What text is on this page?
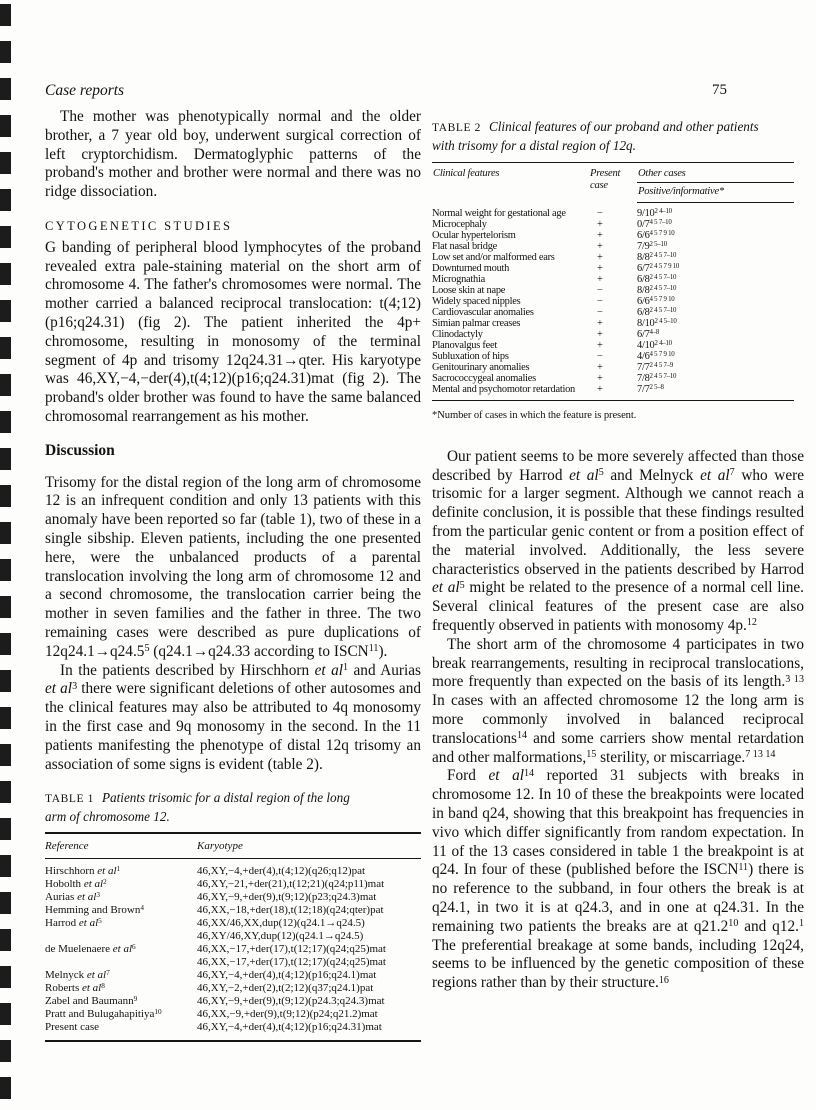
Case reports	75

The mother was phenotypically normal and the older brother, a 7 year old boy, underwent surgical correction of left cryptorchidism. Dermatoglyphic patterns of the proband's mother and brother were normal and there was no ridge dissociation.

CYTOGENETIC STUDIES

G banding of peripheral blood lymphocytes of the proband revealed extra pale-staining material on the short arm of chromosome 4. The father's chromosomes were normal. The mother carried a balanced reciprocal translocation: t(4;12) (p16;q24.31) (fig 2). The patient inherited the 4p+ chromosome, resulting in monosomy of the terminal segment of 4p and trisomy 12q24.31→qter. His karyotype was 46,XY,−4,−der(4),t(4;12)(p16;q24.31)mat (fig 2). The proband's older brother was found to have the same balanced chromosomal rearrangement as his mother.

Discussion

Trisomy for the distal region of the long arm of chromosome 12 is an infrequent condition and only 13 patients with this anomaly have been reported so far (table 1), two of these in a single sibship. Eleven patients, including the one presented here, were the unbalanced products of a parental translocation involving the long arm of chromosome 12 and a second chromosome, the translocation carrier being the mother in seven families and the father in three. The two remaining cases were described as pure duplications of $12q24.1\to q24.5^5$ (q24.1→q24.33 according to ISCN$^{11}$).

In the patients described by Hirschhorn et $al^1$ and Aurias et $al^3$ there were significant deletions of other autosomes and the clinical features may also be attributed to 4q monosomy in the first case and 9q monosomy in the second. In the 11 patients manifesting the phenotype of distal 12q trisomy an association of some signs is evident (table 2).

TABLE 1 Patients trisomic for a distal region of the long arm of chromosome 12.
Reference	Karyotype
Hirschhorn et $al^1$	46,XY,−4,+der(4),t(4;12)(q26;q12)pat
Hobolth et $al^2$	46,XY,−21,+der(21),t(12;21)(q24;p11)mat
Aurias et $al^3$	46,XY,−9,+der(9),t(9;12)(p23;q24.3)mat
Hemming and Brown$^4$	46,XX,−18,+der(18),t(12;18)(q24;qter)pat
Harrod et $al^5$	46,XX/46,XX,dup(12)(q24.1→q24.5)
46,XY/46,XY,dup(12)(q24.1→q24.5)
de Muelenaere et $al^6$	46,XX,−17,+der(17),t(12;17)(q24;q25)mat
46,XX,−17,+der(17),t(12;17)(q24;q25)mat
Melnyck et $al^7$	46,XY,−4,+der(4),t(4;12)(p16;q24.1)mat
Roberts et $al^8$	46,XY,−2,+der(2),t(2;12)(q37;q24.1)pat
Zabel and Baumann$^9$	46,XY,−9,+der(9),t(9;12)(p24.3;q24.3)mat
Pratt and Bulugahapitiya$^{10}$	46,XX,−9,+der(9),t(9;12)(p24;q21.2)mat
Present case	46,XY,−4,+der(4),t(4;12)(p16;q24.31)mat
TABLE 2 Clinical features of our proband and other patients with trisomy for a distal region of 12q.
Clinical features	Present case	Other cases
		Positive/informative*
Normal weight for gestational age	−	$9/10^{2 4-10}$
Microcephaly	+	$0/7^{4 5 7-10}$
Ocular hypertelorism	+	$6/6^{4 5 7 9 10}$
Flat nasal bridge	+	$7/9^{2 5-10}$
Low set and/or malformed ears	+	$8/8^{2 4 5 7-10}$
Downturned mouth	+	$6/7^{2 4 5 7 9 10}$
Micrognathia	+	$6/8^{2 4 5 7-10}$
Loose skin at nape	−	$8/8^{2 4 5 7-10}$
Widely spaced nipples	−	$6/6^{4 5 7 9 10}$
Cardiovascular anomalies	−	$6/8^{2 4 5 7-10}$
Simian palmar creases	+	$8/10^{2 4 5-10}$
Clinodactyly	+	$6/7^{4-8}$
Planovalgus feet	+	$4/10^{2 4-10}$
Subluxation of hips	−	$4/6^{4 5 7 9 10}$
Genitourinary anomalies	+	$7/7^{2 4 5 7-9}$
Sacrococcygeal anomalies	+	$7/8^{2 4 5 7-10}$
Mental and psychomotor retardation	+	$7/7^{2 5-8}$
*Number of cases in which the feature is present.

Our patient seems to be more severely affected than those described by Harrod et $al^5$ and Melnyck et $al^7$ who were trisomic for a larger segment. Although we cannot reach a definite conclusion, it is possible that these findings resulted from the particular genic content or from a position effect of the material involved. Additionally, the less severe characteristics observed in the patients described by Harrod et $al^5$ might be related to the presence of a normal cell line. Several clinical features of the present case are also frequently observed in patients with monosomy 4p.$^{12}$

The short arm of the chromosome 4 participates in two break rearrangements, resulting in reciprocal translocations, more frequently than expected on the basis of its length.$^{3 13}$ In cases with an affected chromosome 12 the long arm is more commonly involved in balanced reciprocal translocations$^{14}$ and some carriers show mental retardation and other malformations,$^{15}$ sterility, or miscarriage.$^{7 13 14}$

Ford et $al^{14}$ reported 31 subjects with breaks in chromosome 12. In 10 of these the breakpoints were located in band q24, showing that this breakpoint has frequencies in vivo which differ significantly from random expectation. In 11 of the 13 cases considered in table 1 the breakpoint is at q24. In four of these (published before the ISCN$^{11}$) there is no reference to the subband, in four others the break is at q24.1, in two it is at q24.3, and in one at q24.31. In the remaining two patients the breaks are at q21.2$^{10}$ and q12.$^1$ The preferential breakage at some bands, including 12q24, seems to be influenced by the genetic composition of these regions rather than by their structure.$^{16}$
